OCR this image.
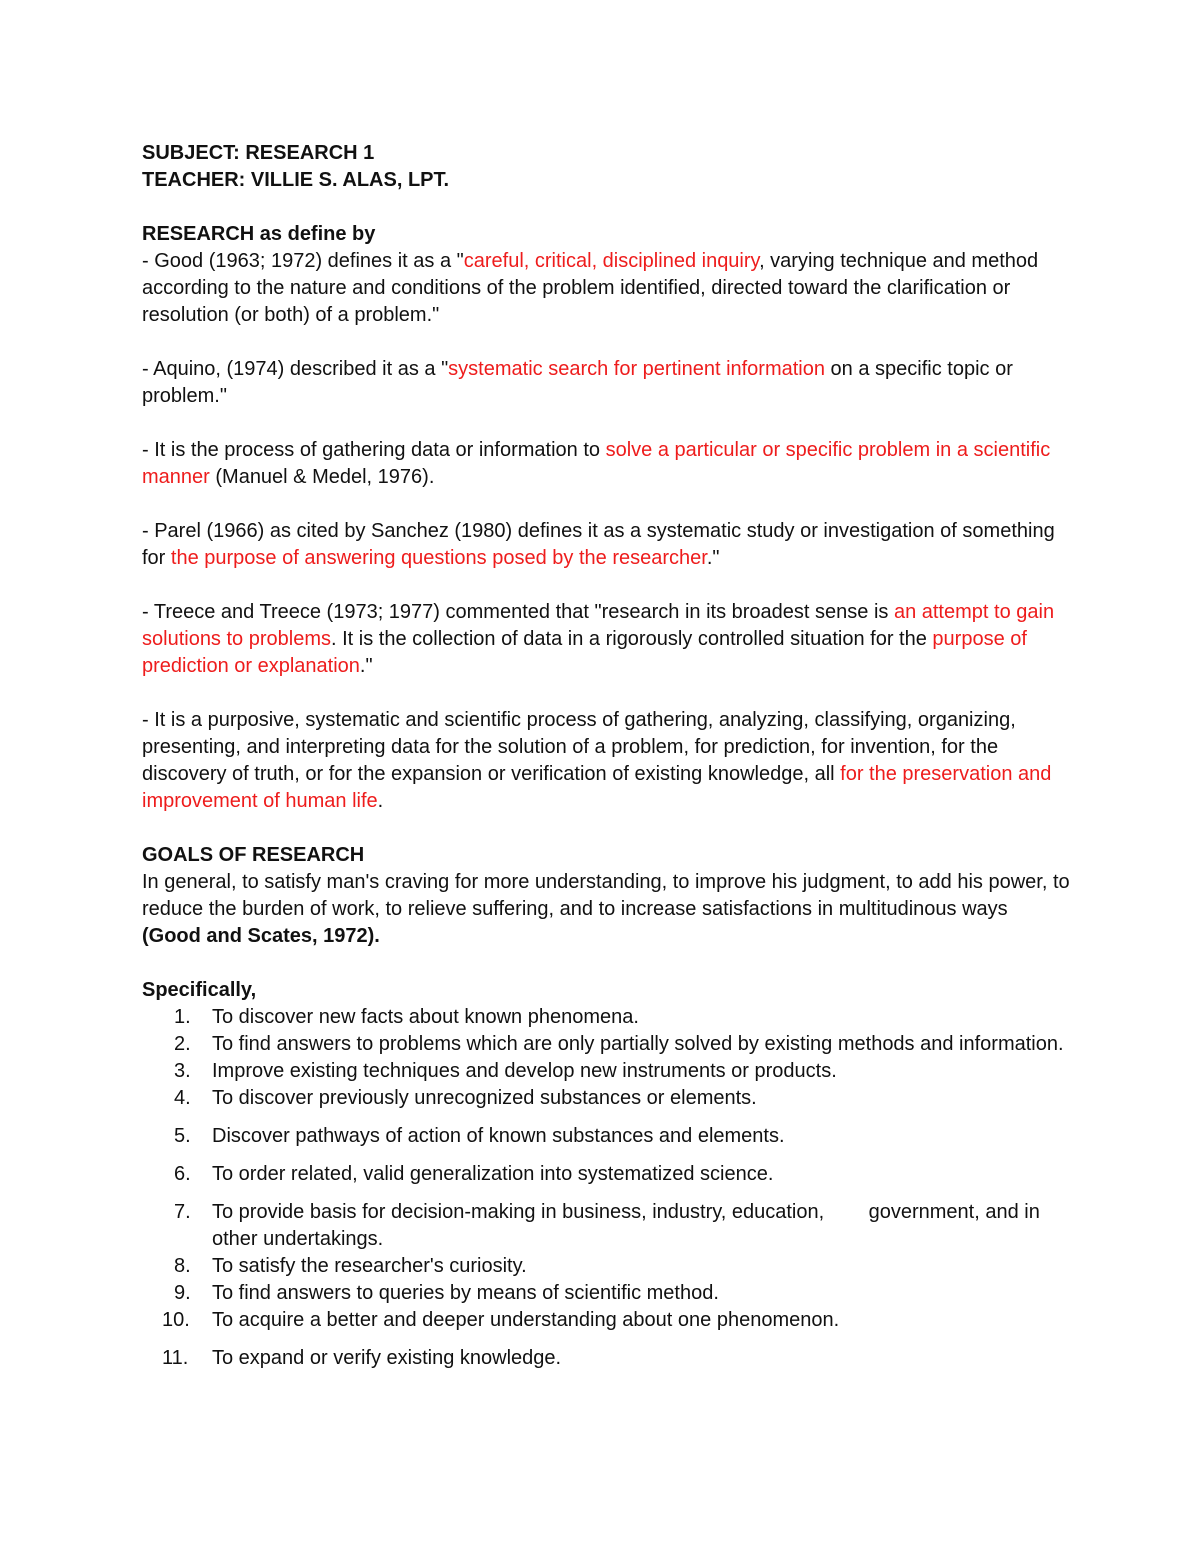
SUBJECT: RESEARCH 1

TEACHER: VILLIE S. ALAS, LPT.

RESEARCH as define by

- Good (1963; 1972) defines it as a "careful, critical, disciplined inquiry, varying technique and method according to the nature and conditions of the problem identified, directed toward the clarification or resolution (or both) of a problem."

- Aquino, (1974) described it as a "systematic search for pertinent information on a specific topic or problem."

- It is the process of gathering data or information to solve a particular or specific problem in a scientific manner (Manuel & Medel, 1976).

- Parel (1966) as cited by Sanchez (1980) defines it as a systematic study or investigation of something for the purpose of answering questions posed by the researcher."

- Treece and Treece (1973; 1977) commented that "research in its broadest sense is an attempt to gain solutions to problems. It is the collection of data in a rigorously controlled situation for the purpose of prediction or explanation."

- It is a purposive, systematic and scientific process of gathering, analyzing, classifying, organizing, presenting, and interpreting data for the solution of a problem, for prediction, for invention, for the discovery of truth, or for the expansion or verification of existing knowledge, all for the preservation and improvement of human life.

GOALS OF RESEARCH

In general, to satisfy man's craving for more understanding, to improve his judgment, to add his power, to reduce the burden of work, to relieve suffering, and to increase satisfactions in multitudinous ways (Good and Scates, 1972).

Specifically,

1.	To discover new facts about known phenomena.
2.	To find answers to problems which are only partially solved by existing methods and information.
3.	Improve existing techniques and develop new instruments or products.
4.	To discover previously unrecognized substances or elements.
5.	Discover pathways of action of known substances and elements.
6.	To order related, valid generalization into systematized science.
7.	To provide basis for decision-making in business, industry, education,        government, and in other undertakings.
8.	To satisfy the researcher's curiosity.
9.	To find answers to queries by means of scientific method.
10. To acquire a better and deeper understanding about one phenomenon.
11. To expand or verify existing knowledge.
